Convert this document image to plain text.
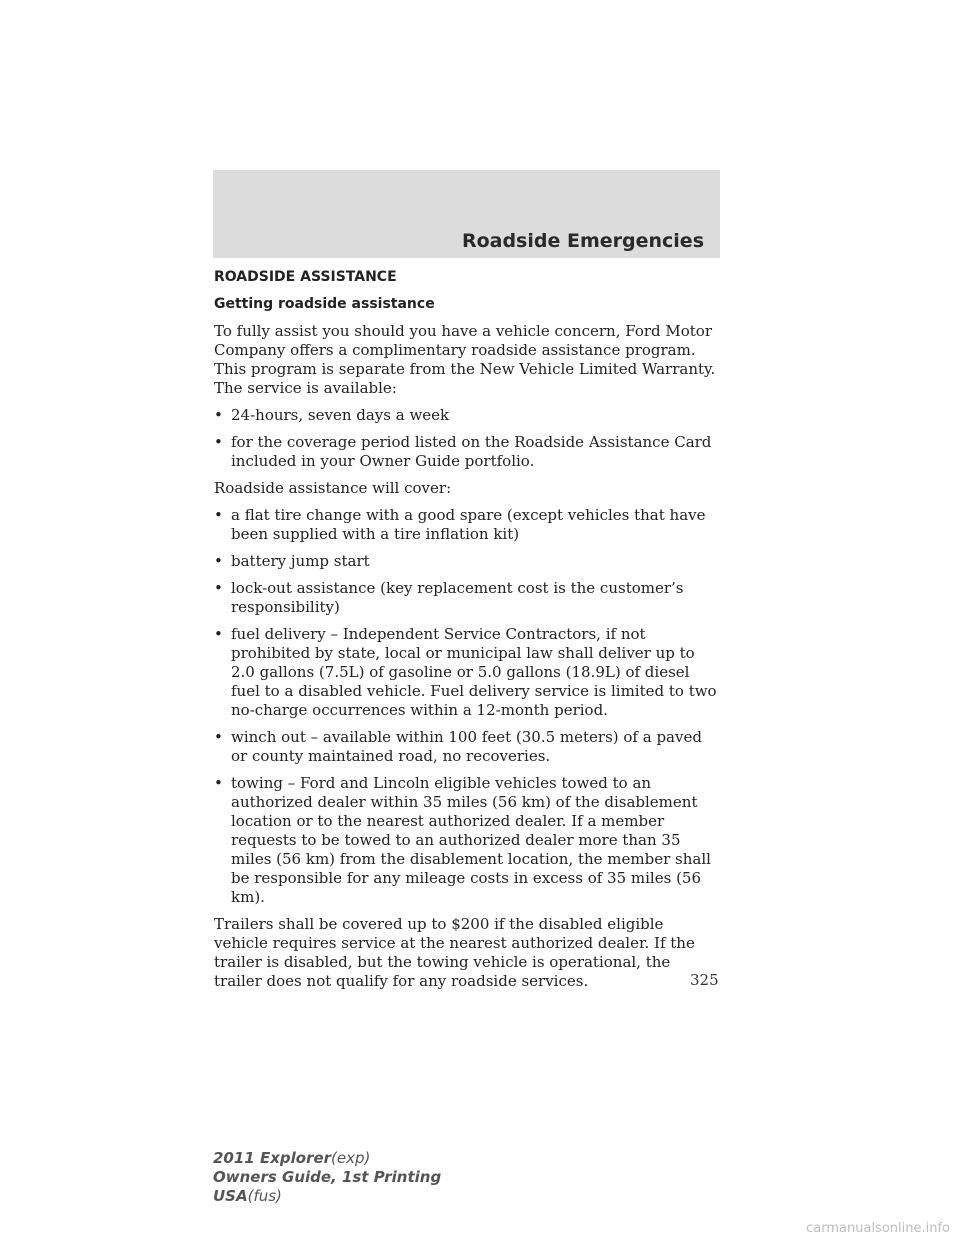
Roadside Emergencies
ROADSIDE ASSISTANCE
Getting roadside assistance

To fully assist you should you have a vehicle concern, Ford Motor Company offers a complimentary roadside assistance program. This program is separate from the New Vehicle Limited Warranty. The service is available:

• 24-hours, seven days a week
• for the coverage period listed on the Roadside Assistance Card included in your Owner Guide portfolio.

Roadside assistance will cover:

• a flat tire change with a good spare (except vehicles that have been supplied with a tire inflation kit)
• battery jump start
• lock-out assistance (key replacement cost is the customer’s responsibility)
• fuel delivery – Independent Service Contractors, if not prohibited by state, local or municipal law shall deliver up to 2.0 gallons (7.5L) of gasoline or 5.0 gallons (18.9L) of diesel fuel to a disabled vehicle. Fuel delivery service is limited to two no-charge occurrences within a 12-month period.
• winch out – available within 100 feet (30.5 meters) of a paved or county maintained road, no recoveries.
• towing – Ford and Lincoln eligible vehicles towed to an authorized dealer within 35 miles (56 km) of the disablement location or to the nearest authorized dealer. If a member requests to be towed to an authorized dealer more than 35 miles (56 km) from the disablement location, the member shall be responsible for any mileage costs in excess of 35 miles (56 km).

Trailers shall be covered up to $200 if the disabled eligible vehicle requires service at the nearest authorized dealer. If the trailer is disabled, but the towing vehicle is operational, the trailer does not qualify for any roadside services.	325
2011 Explorer(exp)
Owners Guide, 1st Printing
USA(fus)
carmanualsonline.info
